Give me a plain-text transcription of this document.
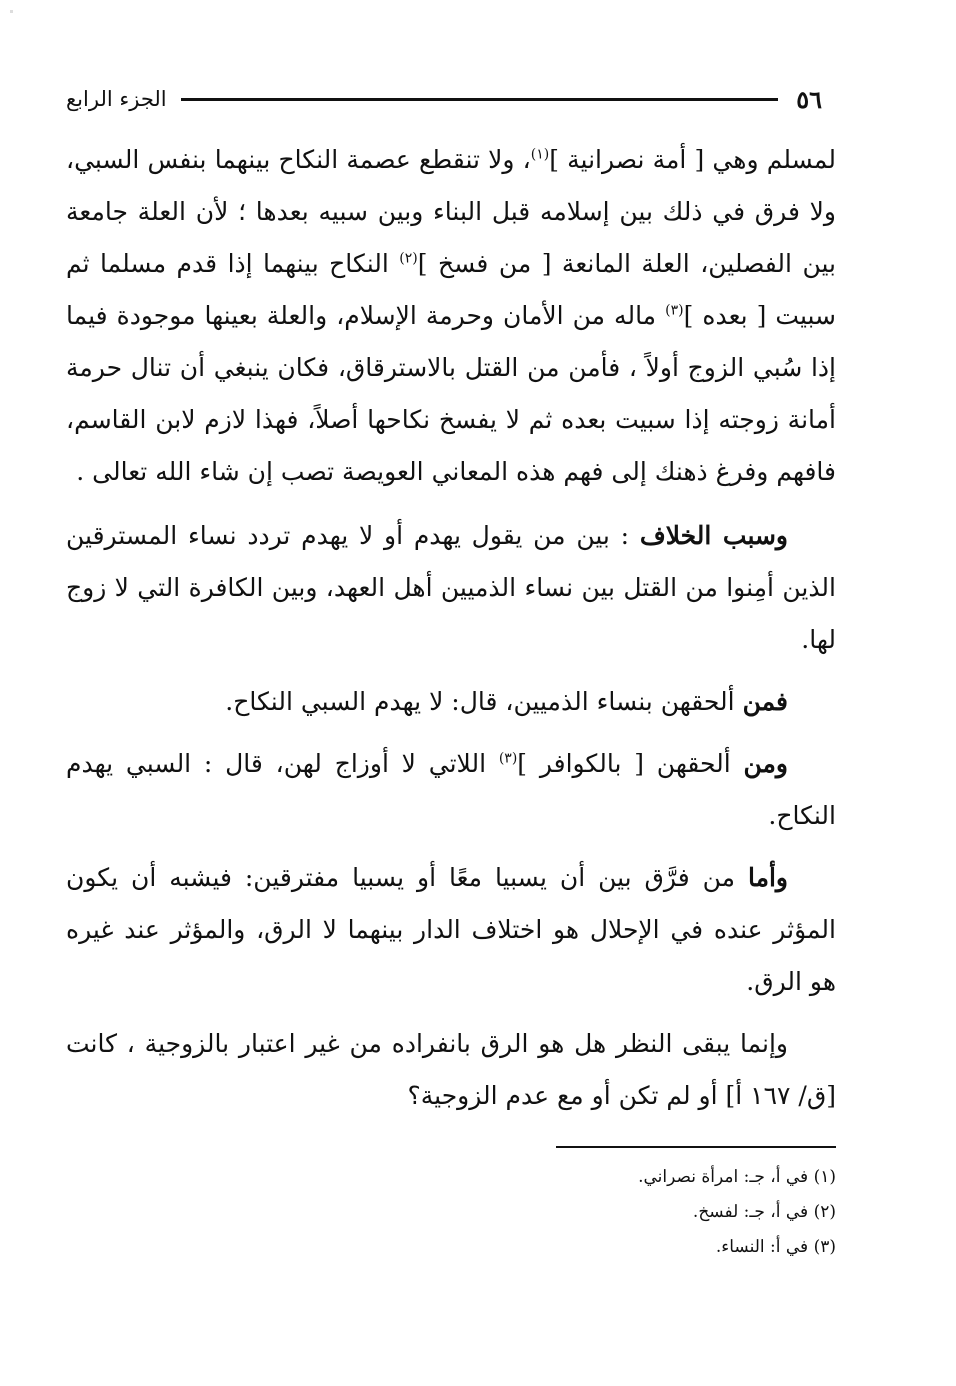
٥٦
الجزء الرابع

لمسلم وهي [ أمة نصرانية ]$^{(١)}$، ولا تنقطع عصمة النكاح بينهما بنفس السبي، ولا فرق في ذلك بين إسلامه قبل البناء وبين سبيه بعدها ؛ لأن العلة جامعة بين الفصلين، العلة المانعة [ من فسخ ]$^{(٢)}$ النكاح بينهما إذا قدم مسلما ثم سبيت [ بعده ]$^{(٣)}$ ماله من الأمان وحرمة الإسلام، والعلة بعينها موجودة فيما إذا سُبي الزوج أولاً ، فأمن من القتل بالاسترقاق، فكان ينبغي أن تنال حرمة أمانة زوجته إذا سبيت بعده ثم لا يفسخ نكاحها أصلاً، فهذا لازم لابن القاسم، فافهم وفرغ ذهنك إلى فهم هذه المعاني العويصة تصب إن شاء الله تعالى .

وسبب الخلاف : بين من يقول يهدم أو لا يهدم تردد نساء المسترقين الذين أمِنوا من القتل بين نساء الذميين أهل العهد، وبين الكافرة التي لا زوج لها.

فمن ألحقهن بنساء الذميين، قال: لا يهدم السبي النكاح.

ومن ألحقهن [ بالكوافر ]$^{(٣)}$ اللاتي لا أوزاج لهن، قال : السبي يهدم النكاح.

وأما من فرَّق بين أن يسبيا معًا أو يسبيا مفترقين: فيشبه أن يكون المؤثر عنده في الإحلال هو اختلاف الدار بينهما لا الرق، والمؤثر عند غيره هو الرق.

وإنما يبقى النظر هل هو الرق بانفراده من غير اعتبار بالزوجية ، كانت [ق/ ١٦٧ أ] أو لم تكن أو مع عدم الزوجية؟

(١) في أ، جـ: امرأة نصراني.
(٢) في أ، جـ: لفسخ.
(٣) في أ: النساء.
